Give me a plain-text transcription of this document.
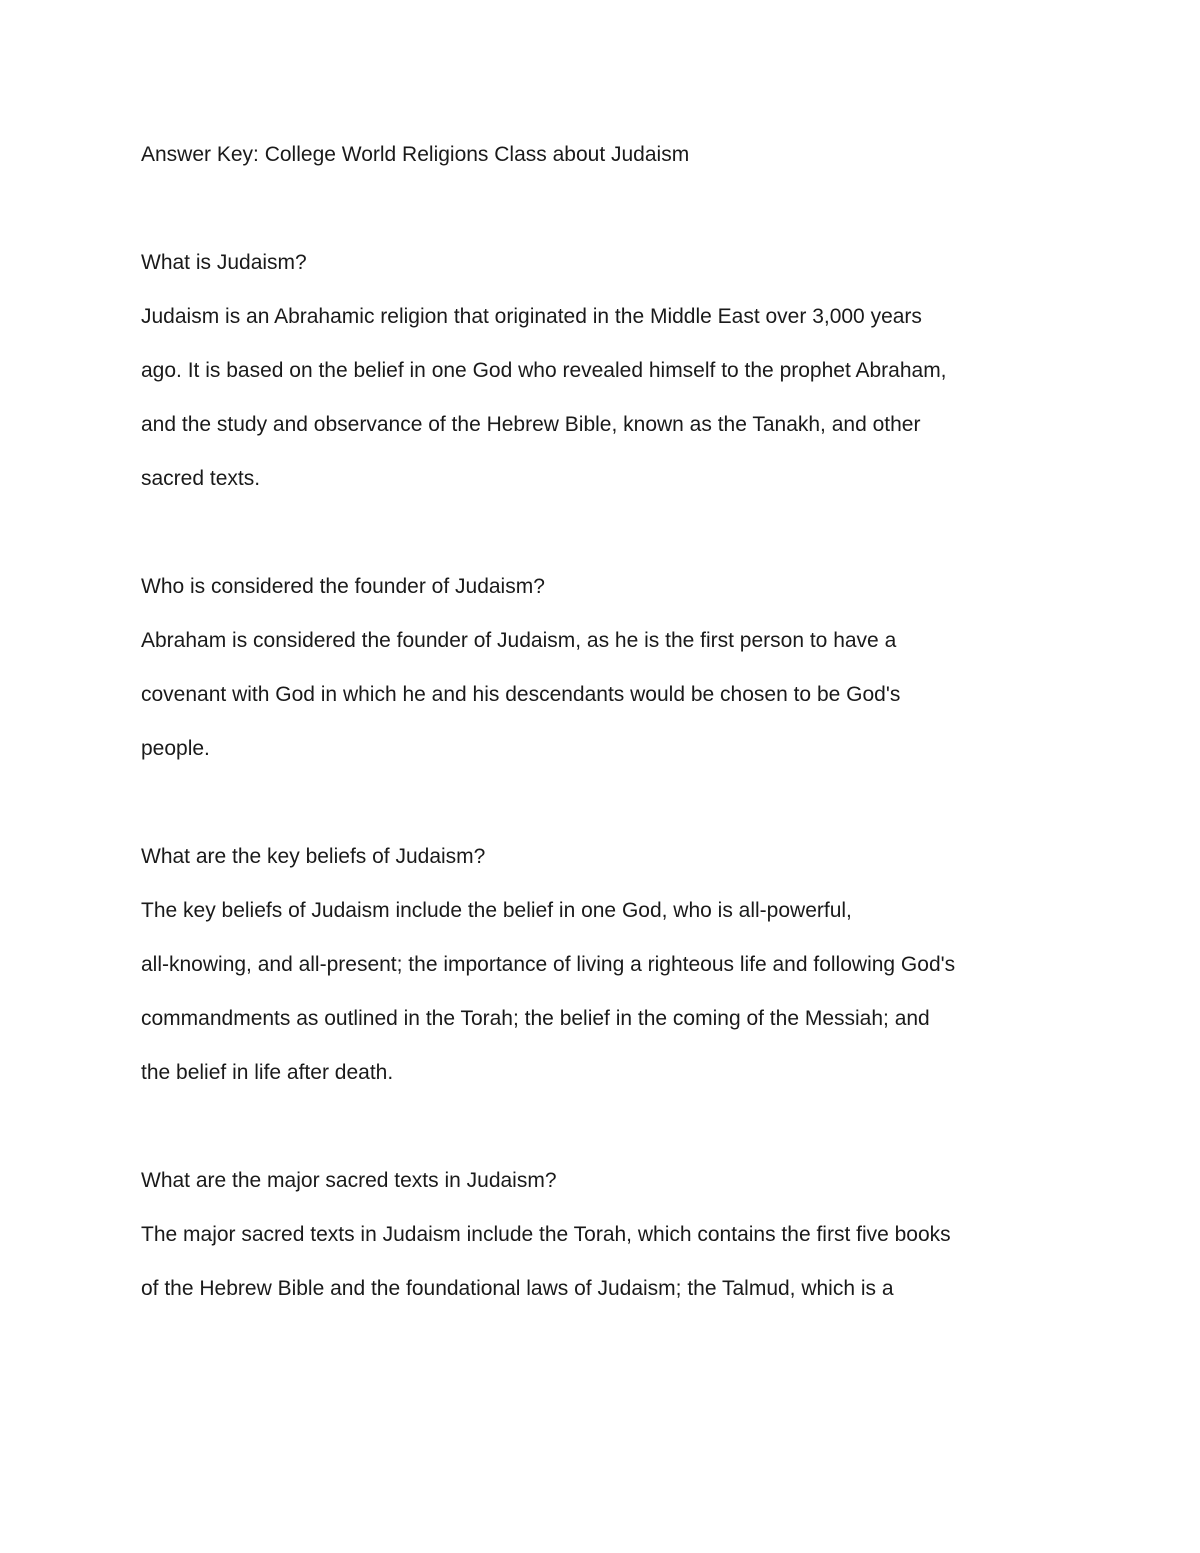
Answer Key: College World Religions Class about Judaism

What is Judaism?

Judaism is an Abrahamic religion that originated in the Middle East over 3,000 years

ago. It is based on the belief in one God who revealed himself to the prophet Abraham,

and the study and observance of the Hebrew Bible, known as the Tanakh, and other

sacred texts.

Who is considered the founder of Judaism?

Abraham is considered the founder of Judaism, as he is the first person to have a

covenant with God in which he and his descendants would be chosen to be God's

people.

What are the key beliefs of Judaism?

The key beliefs of Judaism include the belief in one God, who is all-powerful,

all-knowing, and all-present; the importance of living a righteous life and following God's

commandments as outlined in the Torah; the belief in the coming of the Messiah; and

the belief in life after death.

What are the major sacred texts in Judaism?

The major sacred texts in Judaism include the Torah, which contains the first five books

of the Hebrew Bible and the foundational laws of Judaism; the Talmud, which is a
